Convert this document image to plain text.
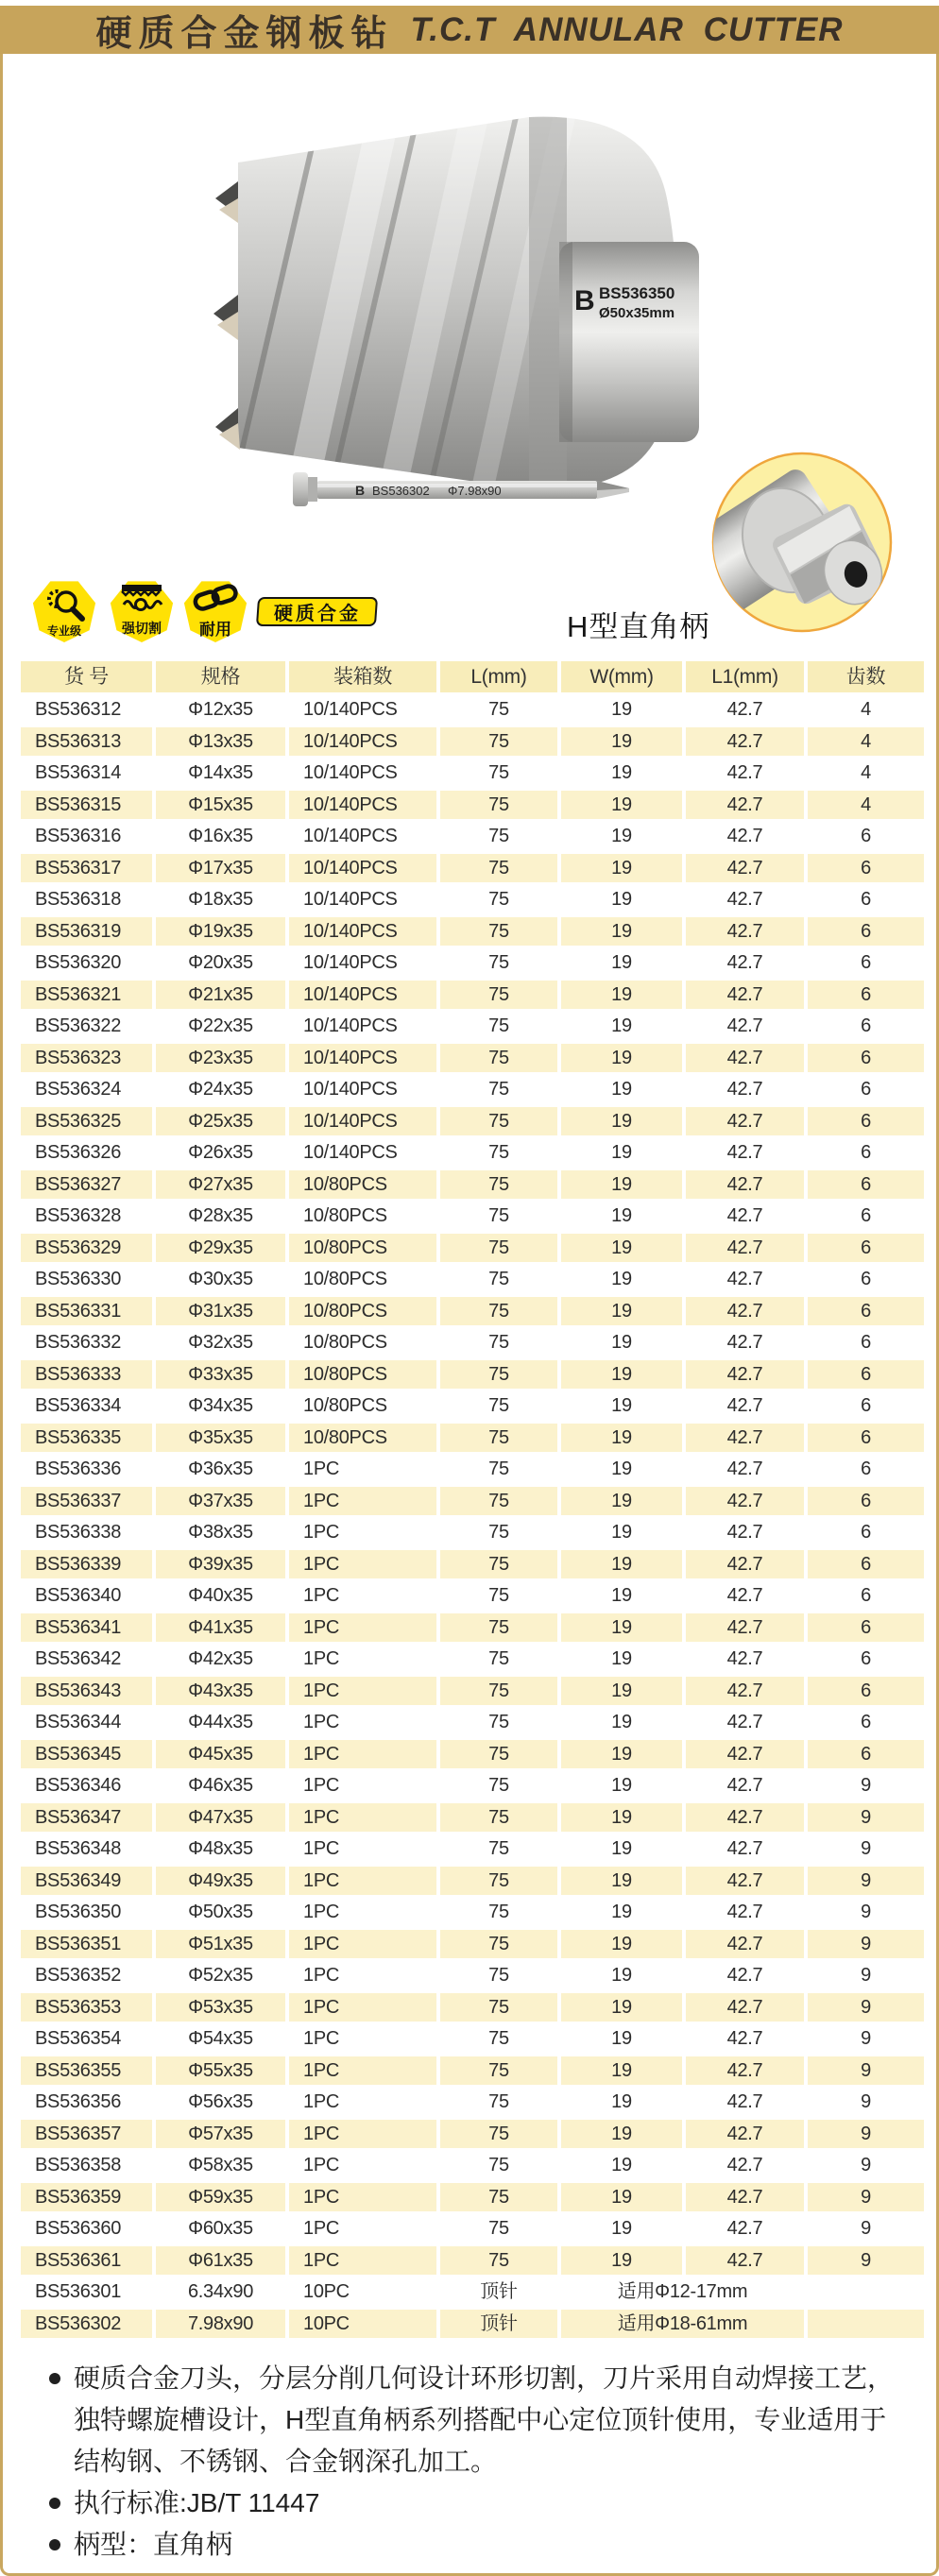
硬质合金钢板钻 T.C.T ANNULAR CUTTER
B BS536350
Ø50x35mm
B BS536302 Φ7.98x90
专业级	强切割 耐用
硬质合金	H型直角柄
货 号	规格	装箱数	L(mm)	W(mm)	L1(mm)	齿数
BS536312	Φ12x35	10/140PCS	75	19	42.7	4
BS536313	Φ13x35	10/140PCS	75	19	42.7	4
BS536314	Φ14x35	10/140PCS	75	19	42.7	4
BS536315	Φ15x35	10/140PCS	75	19	42.7	4
BS536316	Φ16x35	10/140PCS	75	19	42.7	6
BS536317	Φ17x35	10/140PCS	75	19	42.7	6
BS536318	Φ18x35	10/140PCS	75	19	42.7	6
BS536319	Φ19x35	10/140PCS	75	19	42.7	6
BS536320	Φ20x35	10/140PCS	75	19	42.7	6
BS536321	Φ21x35	10/140PCS	75	19	42.7	6
BS536322	Φ22x35	10/140PCS	75	19	42.7	6
BS536323	Φ23x35	10/140PCS	75	19	42.7	6
BS536324	Φ24x35	10/140PCS	75	19	42.7	6
BS536325	Φ25x35	10/140PCS	75	19	42.7	6
BS536326	Φ26x35	10/140PCS	75	19	42.7	6
BS536327	Φ27x35	10/80PCS	75	19	42.7	6
BS536328	Φ28x35	10/80PCS	75	19	42.7	6
BS536329	Φ29x35	10/80PCS	75	19	42.7	6
BS536330	Φ30x35	10/80PCS	75	19	42.7	6
BS536331	Φ31x35	10/80PCS	75	19	42.7	6
BS536332	Φ32x35	10/80PCS	75	19	42.7	6
BS536333	Φ33x35	10/80PCS	75	19	42.7	6
BS536334	Φ34x35	10/80PCS	75	19	42.7	6
BS536335	Φ35x35	10/80PCS	75	19	42.7	6
BS536336	Φ36x35	1PC	75	19	42.7	6
BS536337	Φ37x35	1PC	75	19	42.7	6
BS536338	Φ38x35	1PC	75	19	42.7	6
BS536339	Φ39x35	1PC	75	19	42.7	6
BS536340	Φ40x35	1PC	75	19	42.7	6
BS536341	Φ41x35	1PC	75	19	42.7	6
BS536342	Φ42x35	1PC	75	19	42.7	6
BS536343	Φ43x35	1PC	75	19	42.7	6
BS536344	Φ44x35	1PC	75	19	42.7	6
BS536345	Φ45x35	1PC	75	19	42.7	6
BS536346	Φ46x35	1PC	75	19	42.7	9
BS536347	Φ47x35	1PC	75	19	42.7	9
BS536348	Φ48x35	1PC	75	19	42.7	9
BS536349	Φ49x35	1PC	75	19	42.7	9
BS536350	Φ50x35	1PC	75	19	42.7	9
BS536351	Φ51x35	1PC	75	19	42.7	9
BS536352	Φ52x35	1PC	75	19	42.7	9
BS536353	Φ53x35	1PC	75	19	42.7	9
BS536354	Φ54x35	1PC	75	19	42.7	9
BS536355	Φ55x35	1PC	75	19	42.7	9
BS536356	Φ56x35	1PC	75	19	42.7	9
BS536357	Φ57x35	1PC	75	19	42.7	9
BS536358	Φ58x35	1PC	75	19	42.7	9
BS536359	Φ59x35	1PC	75	19	42.7	9
BS536360	Φ60x35	1PC	75	19	42.7	9
BS536361	Φ61x35	1PC	75	19	42.7	9
BS536301	6.34x90	10PC	顶针	适用Φ12-17mm
BS536302	7.98x90	10PC	顶针	适用Φ18-61mm
硬质合金刀头，分层分削几何设计环形切割，刀片采用自动焊接工艺，独特螺旋槽设计，H型直角柄系列搭配中心定位顶针使用，专业适用于结构钢、不锈钢、合金钢深孔加工。
执行标准:JB/T 11447
柄型：直角柄
